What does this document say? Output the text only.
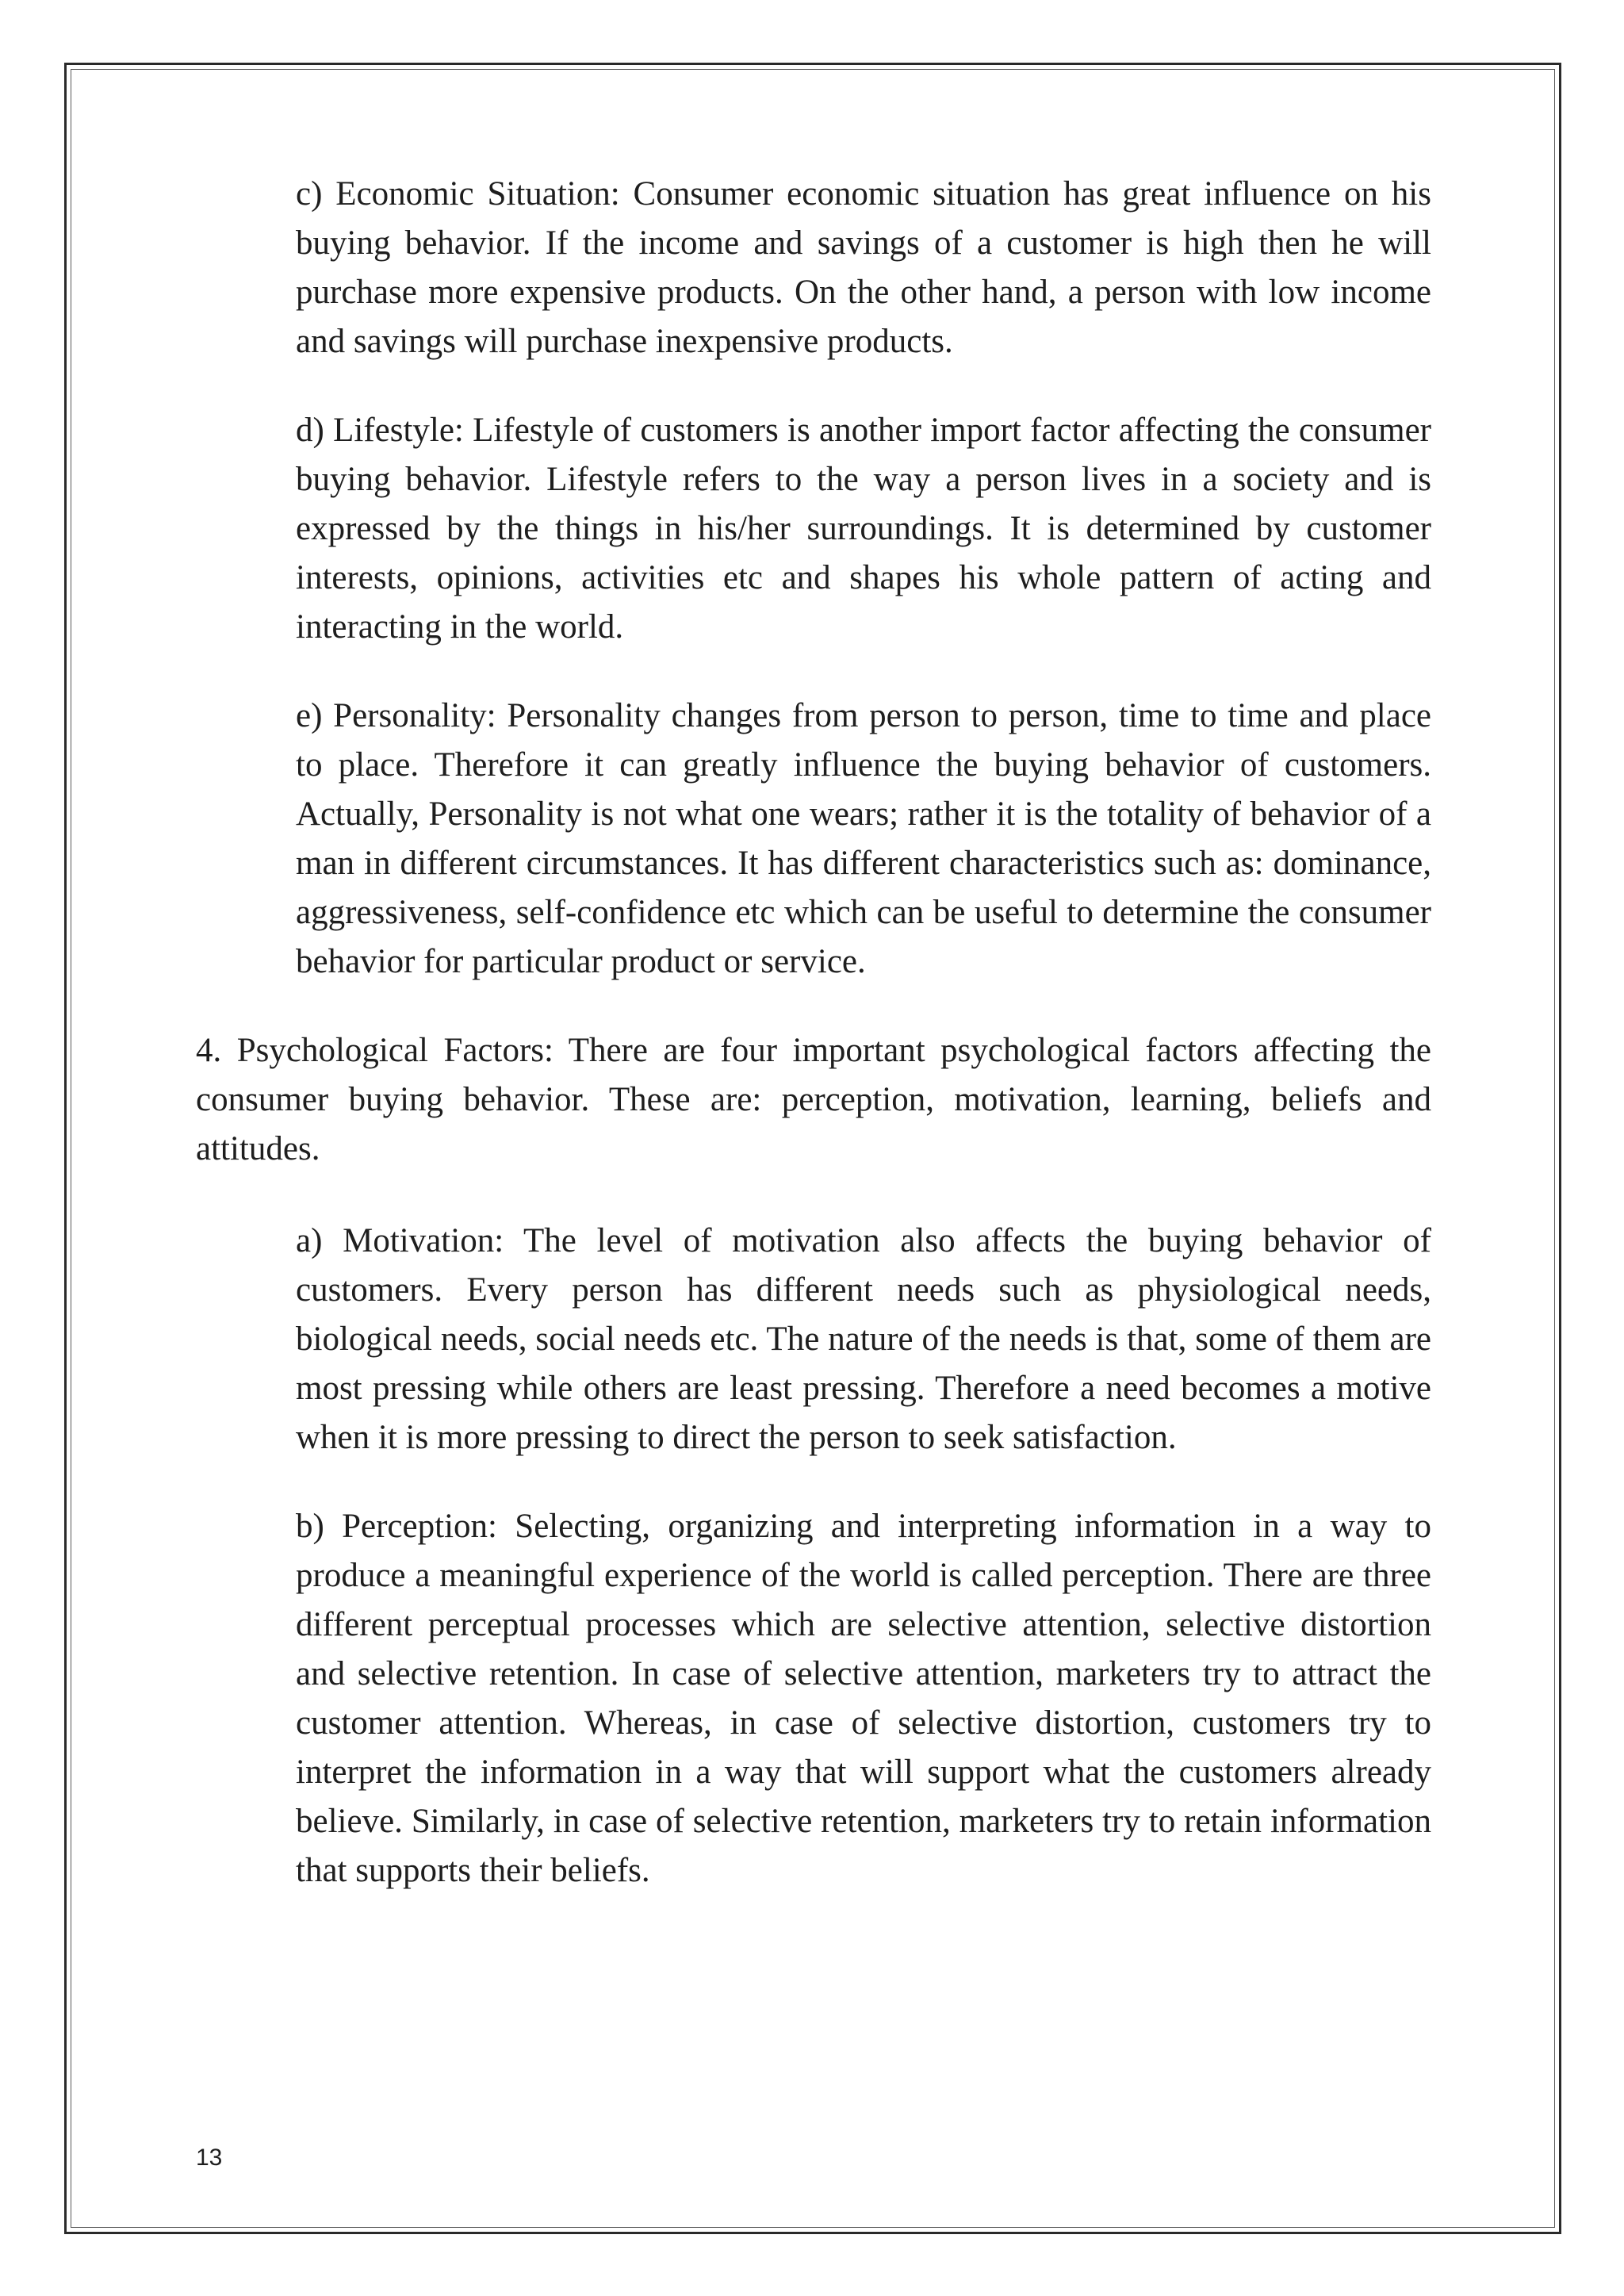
c) Economic Situation: Consumer economic situation has great influence on his buying behavior. If the income and savings of a customer is high then he will purchase more expensive products. On the other hand, a person with low income and savings will purchase inexpensive products.

d) Lifestyle: Lifestyle of customers is another import factor affecting the consumer buying behavior. Lifestyle refers to the way a person lives in a society and is expressed by the things in his/her surroundings. It is determined by customer interests, opinions, activities etc and shapes his whole pattern of acting and interacting in the world.

e) Personality: Personality changes from person to person, time to time and place to place. Therefore it can greatly influence the buying behavior of customers. Actually, Personality is not what one wears; rather it is the totality of behavior of a man in different circumstances. It has different characteristics such as: dominance, aggressiveness, self-confidence etc which can be useful to determine the consumer behavior for particular product or service.

4. Psychological Factors: There are four important psychological factors affecting the consumer buying behavior. These are: perception, motivation, learning, beliefs and attitudes.

a) Motivation: The level of motivation also affects the buying behavior of customers. Every person has different needs such as physiological needs, biological needs, social needs etc. The nature of the needs is that, some of them are most pressing while others are least pressing. Therefore a need becomes a motive when it is more pressing to direct the person to seek satisfaction.

b) Perception: Selecting, organizing and interpreting information in a way to produce a meaningful experience of the world is called perception. There are three different perceptual processes which are selective attention, selective distortion and selective retention. In case of selective attention, marketers try to attract the customer attention. Whereas, in case of selective distortion, customers try to interpret the information in a way that will support what the customers already believe. Similarly, in case of selective retention, marketers try to retain information that supports their beliefs.

13
